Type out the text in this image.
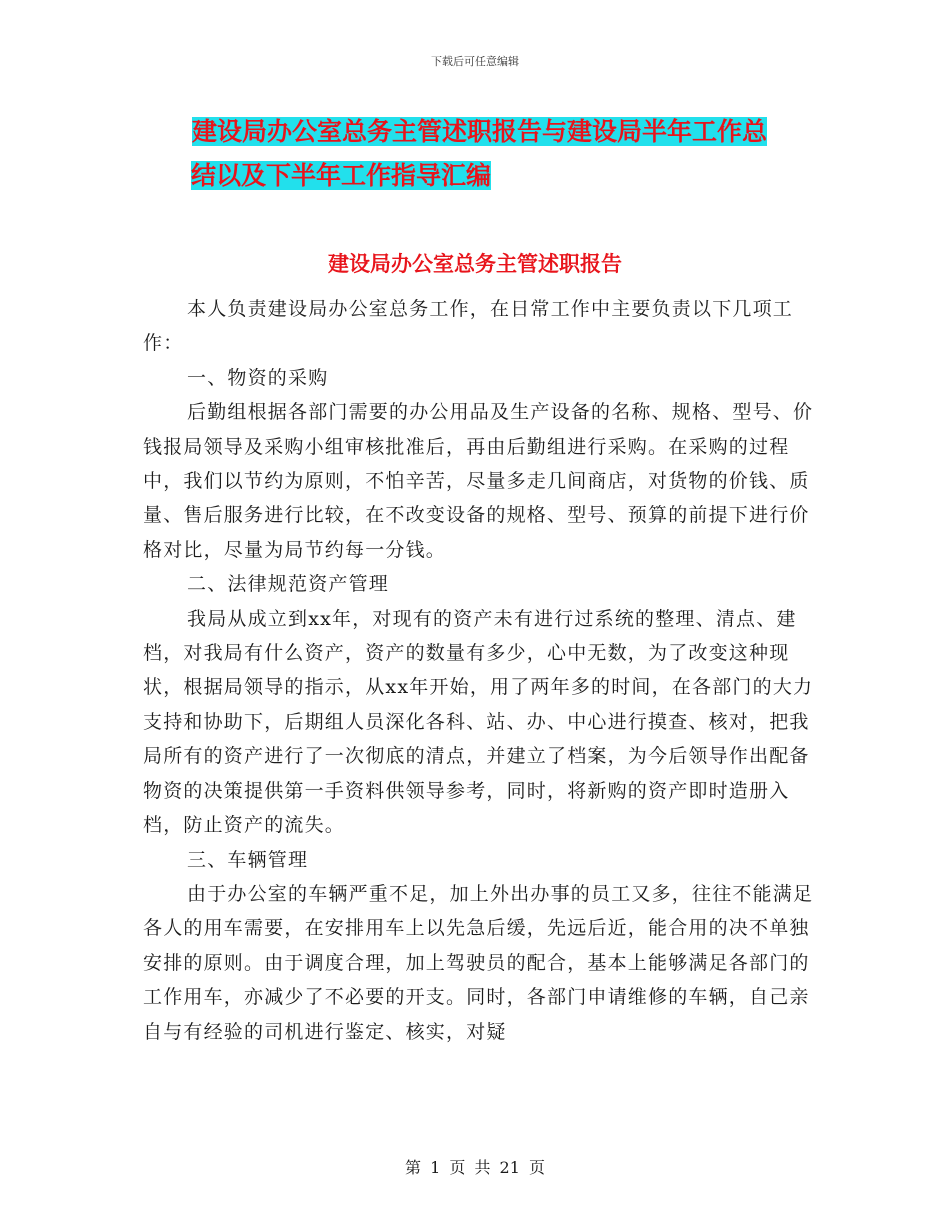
下载后可任意编辑
建设局办公室总务主管述职报告与建设局半年工作总
结以及下半年工作指导汇编
建设局办公室总务主管述职报告

本人负责建设局办公室总务工作，在日常工作中主要负责以下几项工作：

一、物资的采购

后勤组根据各部门需要的办公用品及生产设备的名称、规格、型号、价钱报局领导及采购小组审核批准后，再由后勤组进行采购。在采购的过程中，我们以节约为原则，不怕辛苦，尽量多走几间商店，对货物的价钱、质量、售后服务进行比较，在不改变设备的规格、型号、预算的前提下进行价格对比，尽量为局节约每一分钱。

二、法律规范资产管理

我局从成立到xx年，对现有的资产未有进行过系统的整理、清点、建档，对我局有什么资产，资产的数量有多少，心中无数，为了改变这种现状，根据局领导的指示，从xx年开始，用了两年多的时间，在各部门的大力支持和协助下，后期组人员深化各科、站、办、中心进行摸查、核对，把我局所有的资产进行了一次彻底的清点，并建立了档案，为今后领导作出配备物资的决策提供第一手资料供领导参考，同时，将新购的资产即时造册入档，防止资产的流失。

三、车辆管理

由于办公室的车辆严重不足，加上外出办事的员工又多，往往不能满足各人的用车需要，在安排用车上以先急后缓，先远后近，能合用的决不单独安排的原则。由于调度合理，加上驾驶员的配合，基本上能够满足各部门的工作用车，亦减少了不必要的开支。同时，各部门申请维修的车辆，自己亲自与有经验的司机进行鉴定、核实，对疑

第 1 页 共 21 页
